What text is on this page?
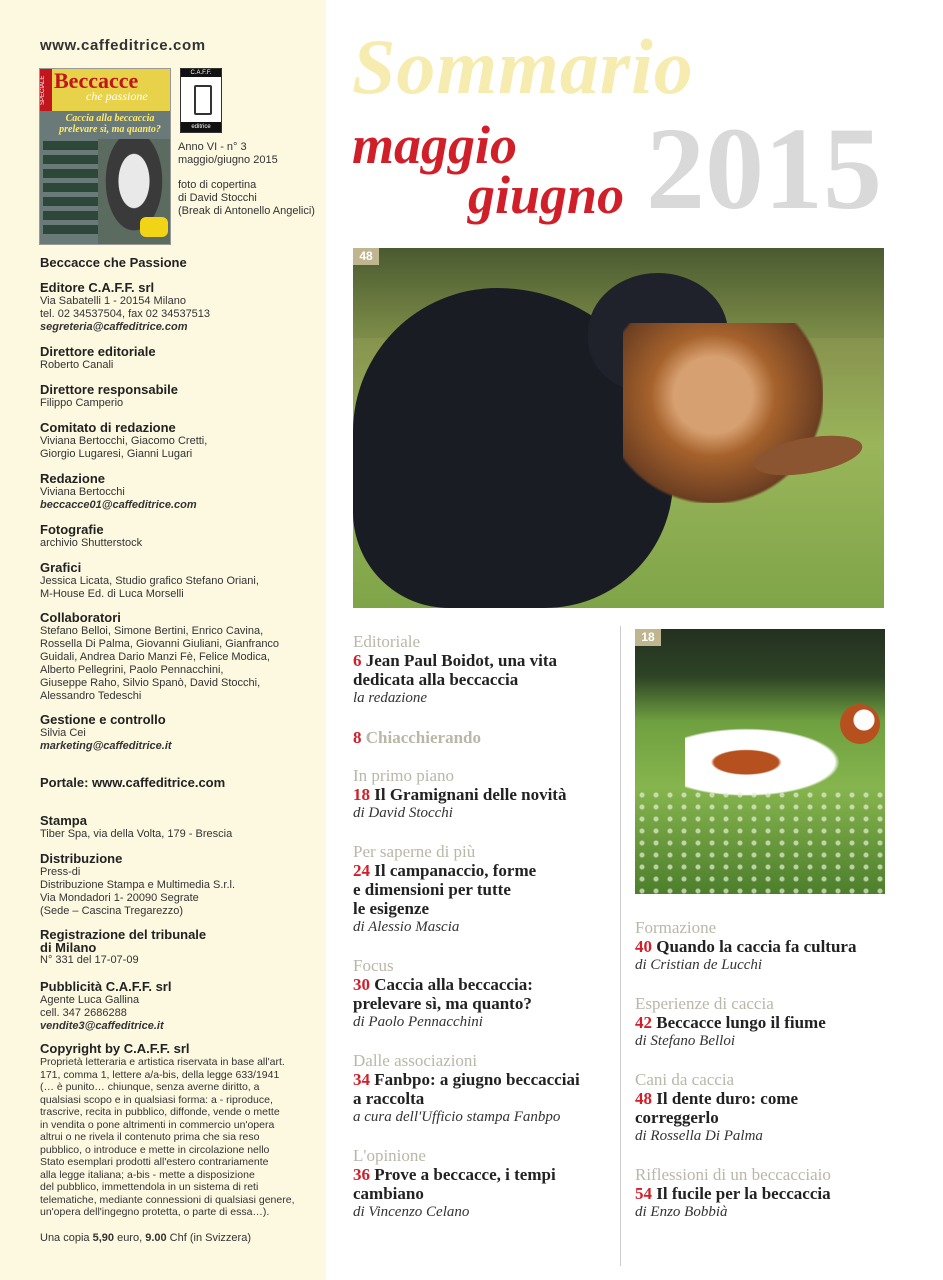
www.caffeditrice.com
SPECIALE Beccacce
che passione
Caccia alla beccaccia prelevare sì, ma quanto?
C.A.F.F.
editrice
Anno VI - n° 3
maggio/giugno 2015
foto di copertina
di David Stocchi
(Break di Antonello Angelici)
Beccacce che Passione
Editore C.A.F.F. srl
Via Sabatelli 1 - 20154 Milano
tel. 02 34537504, fax 02 34537513
segreteria@caffeditrice.com
Direttore editoriale
Roberto Canali
Direttore responsabile
Filippo Camperio
Comitato di redazione
Viviana Bertocchi, Giacomo Cretti,
Giorgio Lugaresi, Gianni Lugari
Redazione
Viviana Bertocchi
beccacce01@caffeditrice.com
Fotografie
archivio Shutterstock
Grafici
Jessica Licata, Studio grafico Stefano Oriani,
M-House Ed. di Luca Morselli
Collaboratori
Stefano Belloi, Simone Bertini, Enrico Cavina,
Rossella Di Palma, Giovanni Giuliani, Gianfranco
Guidali, Andrea Dario Manzi Fè, Felice Modica,
Alberto Pellegrini, Paolo Pennacchini,
Giuseppe Raho, Silvio Spanò, David Stocchi,
Alessandro Tedeschi
Gestione e controllo
Silvia Cei
marketing@caffeditrice.it
Portale: www.caffeditrice.com
Stampa
Tiber Spa, via della Volta, 179 - Brescia
Distribuzione
Press-di
Distribuzione Stampa e Multimedia S.r.l.
Via Mondadori 1- 20090 Segrate
(Sede – Cascina Tregarezzo)
Registrazione del tribunale
di Milano
N° 331 del 17-07-09
Pubblicità C.A.F.F. srl
Agente Luca Gallina
cell. 347 2686288
vendite3@caffeditrice.it
Copyright by C.A.F.F. srl
Proprietà letteraria e artistica riservata in base all'art.
171, comma 1, lettere a/a-bis, della legge 633/1941
(… è punito… chiunque, senza averne diritto, a
qualsiasi scopo e in qualsiasi forma: a - riproduce,
trascrive, recita in pubblico, diffonde, vende o mette
in vendita o pone altrimenti in commercio un'opera
altrui o ne rivela il contenuto prima che sia reso
pubblico, o introduce e mette in circolazione nello
Stato esemplari prodotti all'estero contrariamente
alla legge italiana; a-bis - mette a disposizione
del pubblico, immettendola in un sistema di reti
telematiche, mediante connessioni di qualsiasi genere,
un'opera dell'ingegno protetta, o parte di essa…).
Una copia 5,90 euro, 9.00 Chf (in Svizzera)
Sommario
2015
maggio
giugno
48
18
Editoriale
6 Jean Paul Boidot, una vita
dedicata alla beccaccia
la redazione
8 Chiacchierando
In primo piano
18 Il Gramignani delle novità
di David Stocchi
Per saperne di più
24 Il campanaccio, forme
e dimensioni per tutte
le esigenze
di Alessio Mascia
Focus
30 Caccia alla beccaccia:
prelevare sì, ma quanto?
di Paolo Pennacchini
Dalle associazioni
34 Fanbpo: a giugno beccacciai
a raccolta
a cura dell'Ufficio stampa Fanbpo
L'opinione
36 Prove a beccacce, i tempi
cambiano
di Vincenzo Celano
Formazione
40 Quando la caccia fa cultura
di Cristian de Lucchi
Esperienze di caccia
42 Beccacce lungo il fiume
di Stefano Belloi
Cani da caccia
48 Il dente duro: come
correggerlo
di Rossella Di Palma
Riflessioni di un beccacciaio
54 Il fucile per la beccaccia
di Enzo Bobbià
